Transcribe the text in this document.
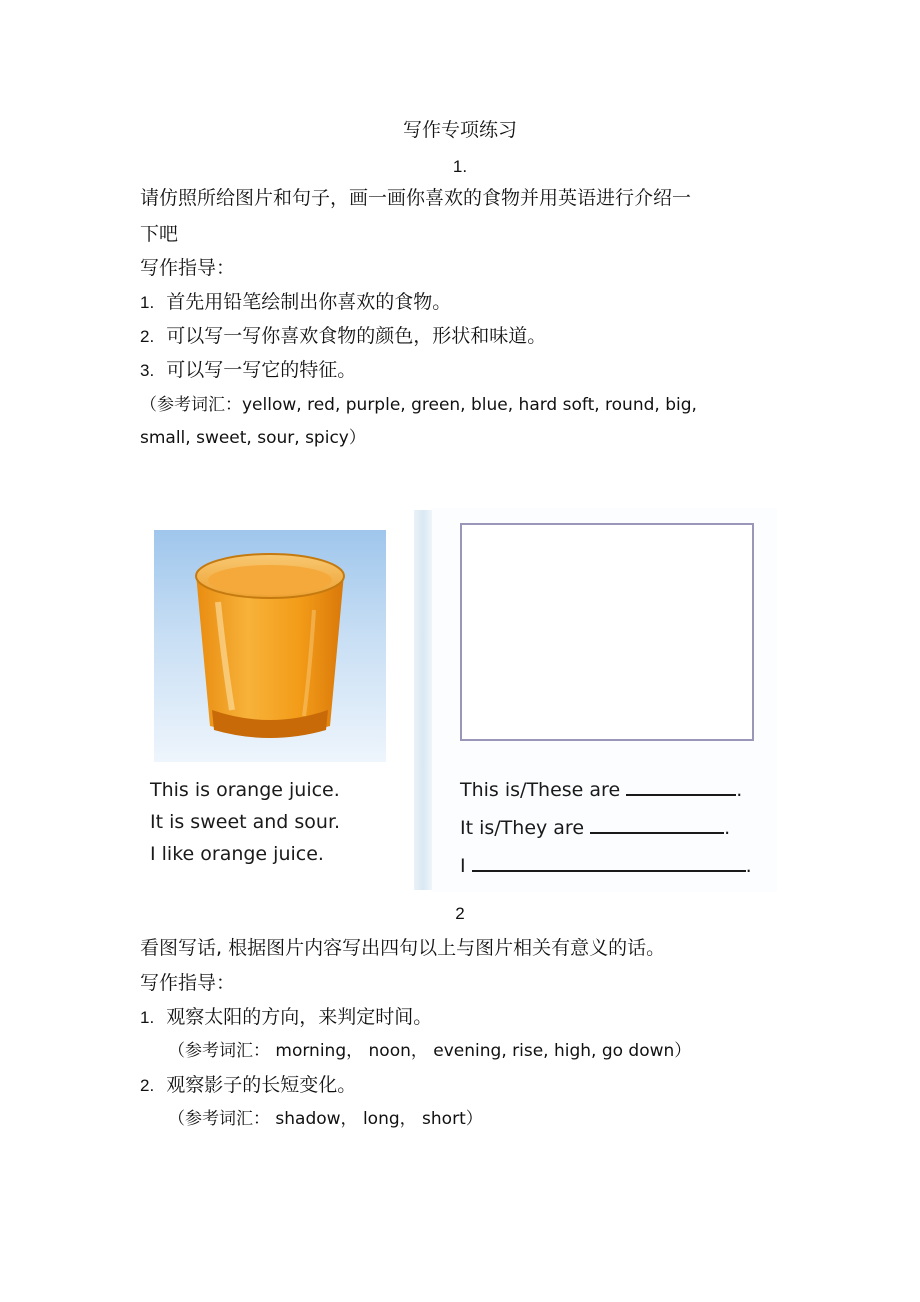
写作专项练习
1.
请仿照所给图片和句子，画一画你喜欢的食物并用英语进行介绍一
下吧
写作指导：
1. 首先用铅笔绘制出你喜欢的食物。
2. 可以写一写你喜欢食物的颜色，形状和味道。
3. 可以写一写它的特征。
（参考词汇：yellow, red, purple, green, blue, hard soft, round, big,
small, sweet, sour, spicy）
This is orange juice.
It is sweet and sour.
I like orange juice.
This is/These are	.
It is/They are	.
I	.
2
看图写话, 根据图片内容写出四句以上与图片相关有意义的话。
写作指导：
1. 观察太阳的方向，来判定时间。
（参考词汇： morning， noon， evening, rise, high, go down）
2. 观察影子的长短变化。
（参考词汇： shadow， long， short）
